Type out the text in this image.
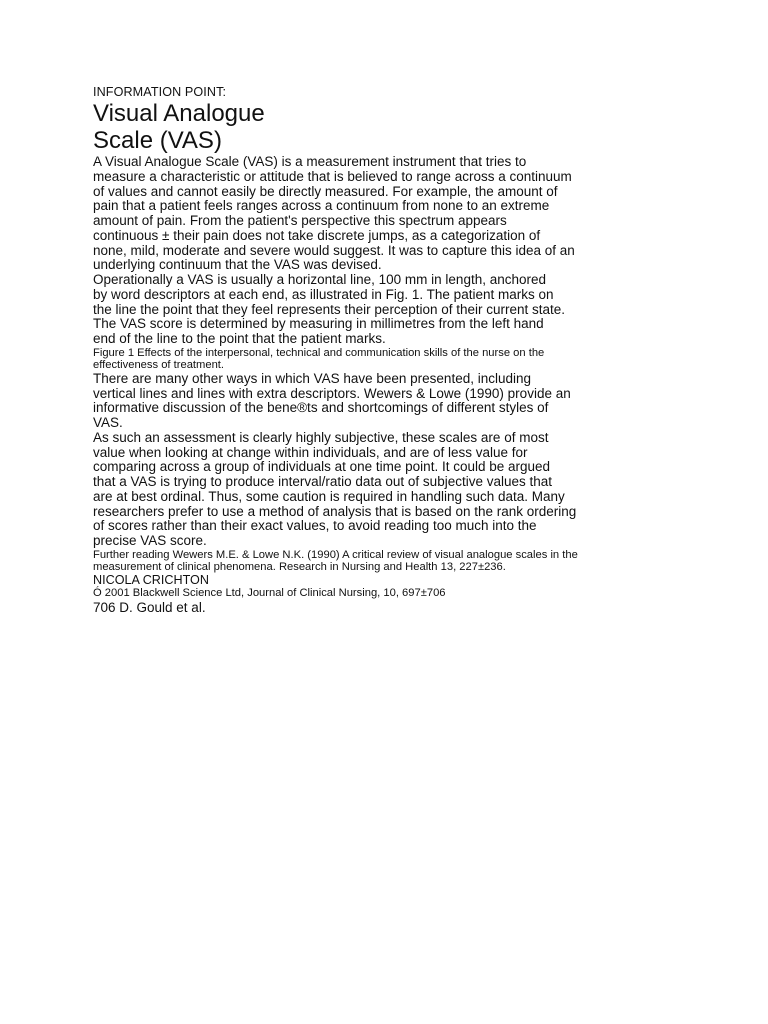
INFORMATION POINT:
Visual Analogue
Scale (VAS)
A Visual Analogue Scale (VAS) is a measurement instrument that tries to
measure a characteristic or attitude that is believed to range across a continuum
of values and cannot easily be directly measured. For example, the amount of
pain that a patient feels ranges across a continuum from none to an extreme
amount of pain. From the patient's perspective this spectrum appears
continuous ± their pain does not take discrete jumps, as a categorization of
none, mild, moderate and severe would suggest. It was to capture this idea of an
underlying continuum that the VAS was devised.
Operationally a VAS is usually a horizontal line, 100 mm in length, anchored
by word descriptors at each end, as illustrated in Fig. 1. The patient marks on
the line the point that they feel represents their perception of their current state.
The VAS score is determined by measuring in millimetres from the left hand
end of the line to the point that the patient marks.
Figure 1 Effects of the interpersonal, technical and communication skills of the nurse on the
effectiveness of treatment.
There are many other ways in which VAS have been presented, including
vertical lines and lines with extra descriptors. Wewers & Lowe (1990) provide an
informative discussion of the bene®ts and shortcomings of different styles of
VAS.
As such an assessment is clearly highly subjective, these scales are of most
value when looking at change within individuals, and are of less value for
comparing across a group of individuals at one time point. It could be argued
that a VAS is trying to produce interval/ratio data out of subjective values that
are at best ordinal. Thus, some caution is required in handling such data. Many
researchers prefer to use a method of analysis that is based on the rank ordering
of scores rather than their exact values, to avoid reading too much into the
precise VAS score.
Further reading Wewers M.E. & Lowe N.K. (1990) A critical review of visual analogue scales in the
measurement of clinical phenomena. Research in Nursing and Health 13, 227±236.
NICOLA CRICHTON
Ó 2001 Blackwell Science Ltd, Journal of Clinical Nursing, 10, 697±706
706 D. Gould et al.
